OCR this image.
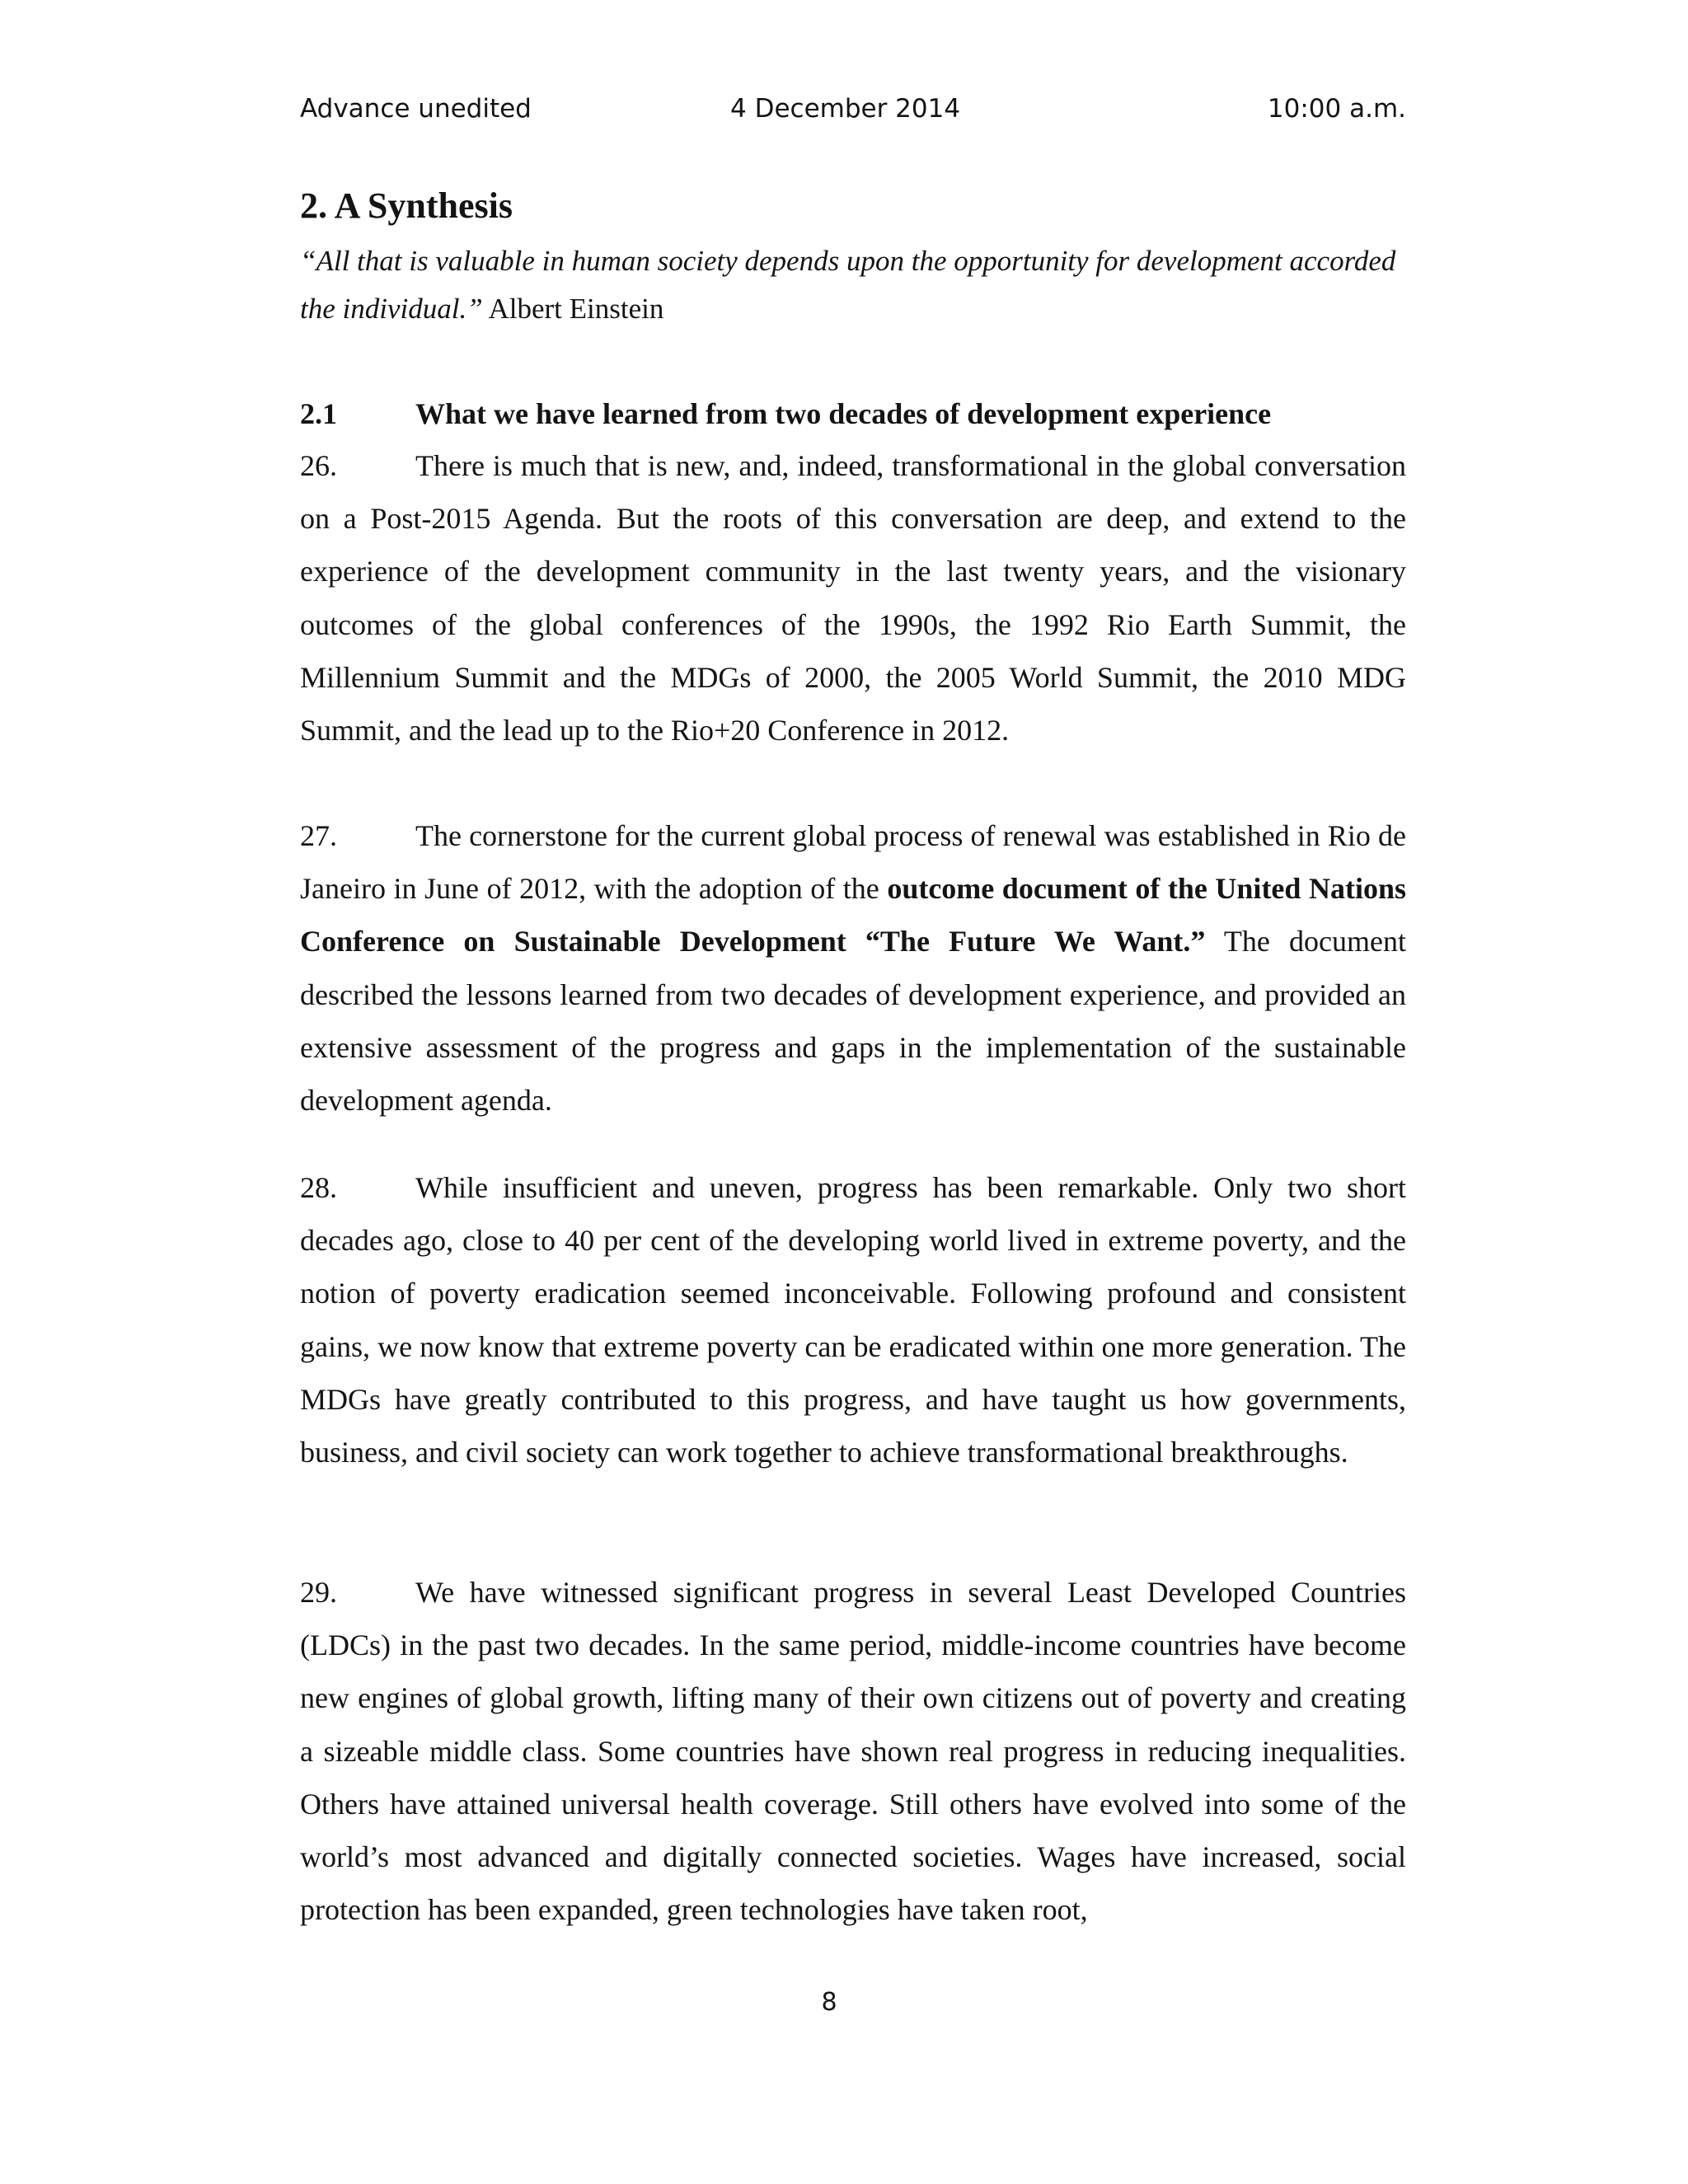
Advance unedited	4 December 2014	10:00 a.m.
2. A Synthesis

“All that is valuable in human society depends upon the opportunity for development accorded the individual.” Albert Einstein

2.1	What we have learned from two decades of development experience

26.	There is much that is new, and, indeed, transformational in the global conversation on a Post-2015 Agenda. But the roots of this conversation are deep, and extend to the experience of the development community in the last twenty years, and the visionary outcomes of the global conferences of the 1990s, the 1992 Rio Earth Summit, the Millennium Summit and the MDGs of 2000, the 2005 World Summit, the 2010 MDG Summit, and the lead up to the Rio+20 Conference in 2012.

27.	The cornerstone for the current global process of renewal was established in Rio de Janeiro in June of 2012, with the adoption of the outcome document of the United Nations Conference on Sustainable Development “The Future We Want.” The document described the lessons learned from two decades of development experience, and provided an extensive assessment of the progress and gaps in the implementation of the sustainable development agenda.

28.	While insufficient and uneven, progress has been remarkable. Only two short decades ago, close to 40 per cent of the developing world lived in extreme poverty, and the notion of poverty eradication seemed inconceivable. Following profound and consistent gains, we now know that extreme poverty can be eradicated within one more generation. The MDGs have greatly contributed to this progress, and have taught us how governments, business, and civil society can work together to achieve transformational breakthroughs.

29.	We have witnessed significant progress in several Least Developed Countries (LDCs) in the past two decades. In the same period, middle-income countries have become new engines of global growth, lifting many of their own citizens out of poverty and creating a sizeable middle class. Some countries have shown real progress in reducing inequalities. Others have attained universal health coverage. Still others have evolved into some of the world’s most advanced and digitally connected societies. Wages have increased, social protection has been expanded, green technologies have taken root,

8
